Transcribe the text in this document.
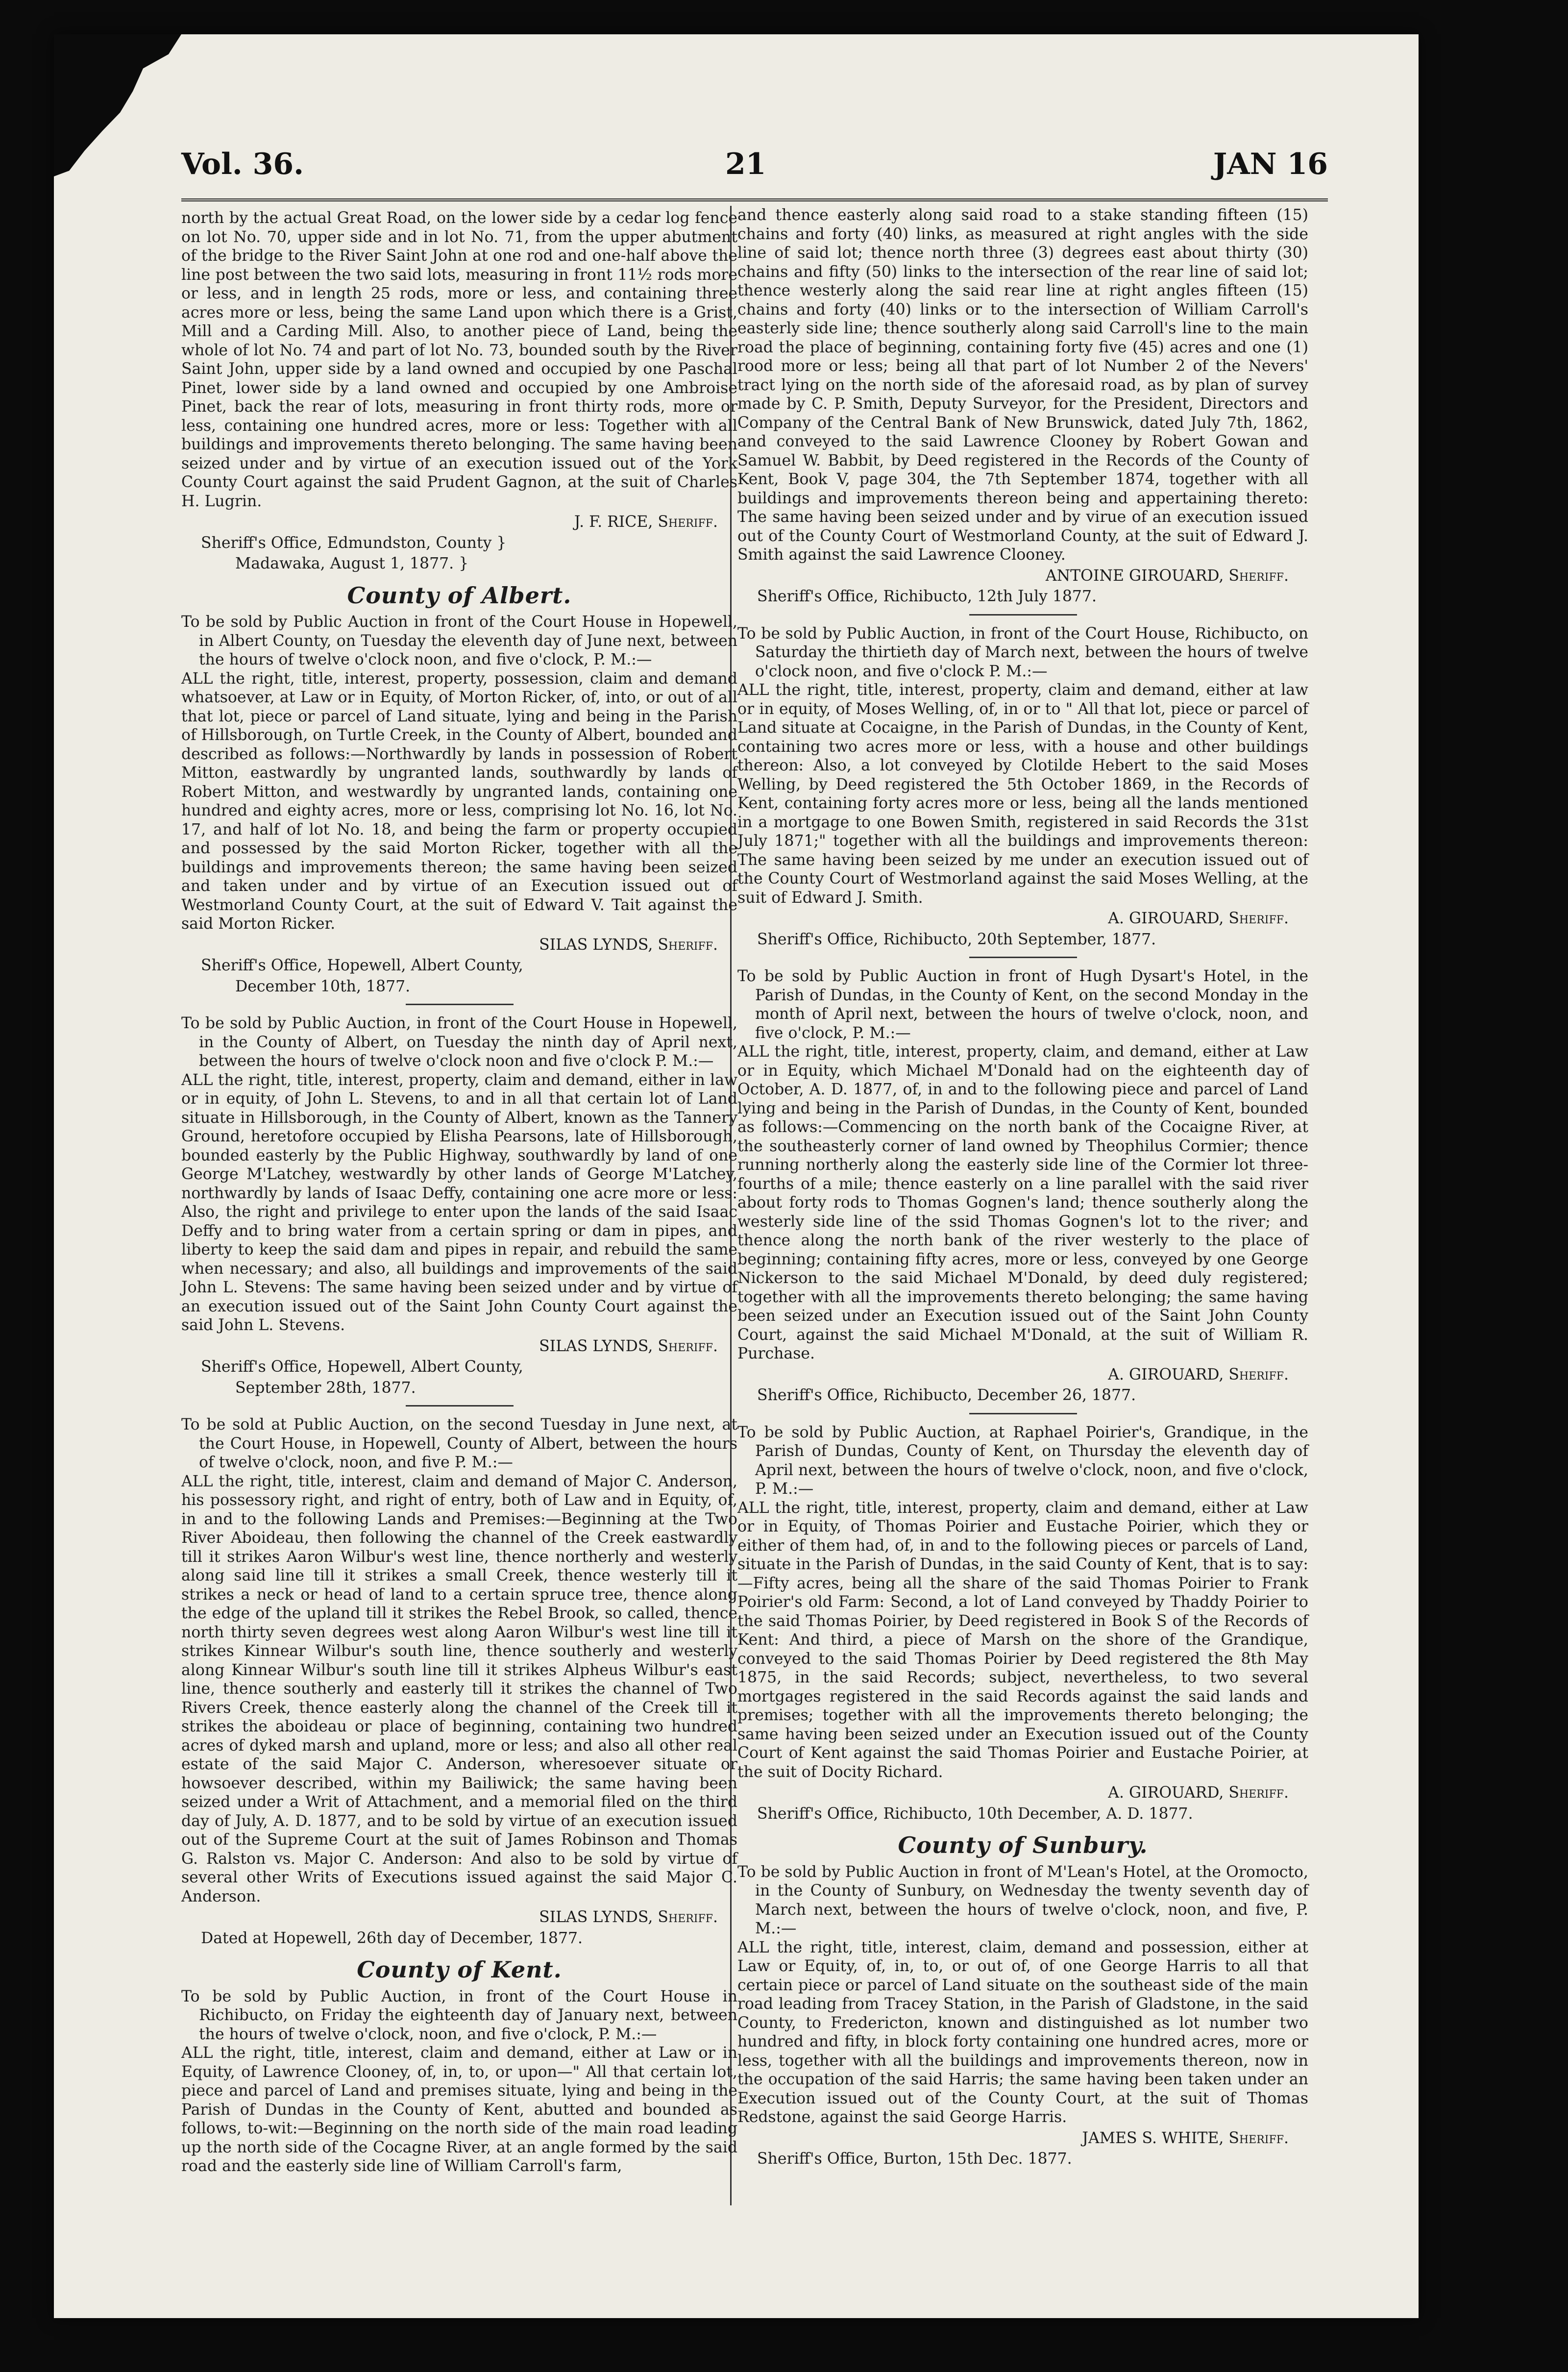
Vol. 36.	21	JAN 16

north by the actual Great Road, on the lower side by a cedar log fence on lot No. 70, upper side and in lot No. 71, from the upper abutment of the bridge to the River Saint John at one rod and one-half above the line post between the two said lots, measuring in front 11½ rods more or less, and in length 25 rods, more or less, and containing three acres more or less, being the same Land upon which there is a Grist, Mill and a Carding Mill. Also, to another piece of Land, being the whole of lot No. 74 and part of lot No. 73, bounded south by the River Saint John, upper side by a land owned and occupied by one Paschal Pinet, lower side by a land owned and occupied by one Ambroise Pinet, back the rear of lots, measuring in front thirty rods, more or less, containing one hundred acres, more or less: Together with all buildings and improvements thereto belonging. The same having been seized under and by virtue of an execution issued out of the York County Court against the said Prudent Gagnon, at the suit of Charles H. Lugrin.

J. F. RICE, Sheriff.

Sheriff's Office, Edmundston, County }

Madawaka, August 1, 1877. }

County of Albert.

To be sold by Public Auction in front of the Court House in Hopewell, in Albert County, on Tuesday the eleventh day of June next, between the hours of twelve o'clock noon, and five o'clock, P. M.:—

ALL the right, title, interest, property, possession, claim and demand whatsoever, at Law or in Equity, of Morton Ricker, of, into, or out of all that lot, piece or parcel of Land situate, lying and being in the Parish of Hillsborough, on Turtle Creek, in the County of Albert, bounded and described as follows:—Northwardly by lands in possession of Robert Mitton, eastwardly by ungranted lands, southwardly by lands of Robert Mitton, and westwardly by ungranted lands, containing one hundred and eighty acres, more or less, comprising lot No. 16, lot No. 17, and half of lot No. 18, and being the farm or property occupied and possessed by the said Morton Ricker, together with all the buildings and improvements thereon; the same having been seized and taken under and by virtue of an Execution issued out of Westmorland County Court, at the suit of Edward V. Tait against the said Morton Ricker.

SILAS LYNDS, Sheriff.

Sheriff's Office, Hopewell, Albert County,

December 10th, 1877.

To be sold by Public Auction, in front of the Court House in Hopewell, in the County of Albert, on Tuesday the ninth day of April next, between the hours of twelve o'clock noon and five o'clock P. M.:—

ALL the right, title, interest, property, claim and demand, either in law or in equity, of John L. Stevens, to and in all that certain lot of Land situate in Hillsborough, in the County of Albert, known as the Tannery Ground, heretofore occupied by Elisha Pearsons, late of Hillsborough, bounded easterly by the Public Highway, southwardly by land of one George M'Latchey, westwardly by other lands of George M'Latchey, northwardly by lands of Isaac Deffy, containing one acre more or less: Also, the right and privilege to enter upon the lands of the said Isaac Deffy and to bring water from a certain spring or dam in pipes, and liberty to keep the said dam and pipes in repair, and rebuild the same when necessary; and also, all buildings and improvements of the said John L. Stevens: The same having been seized under and by virtue of an execution issued out of the Saint John County Court against the said John L. Stevens.

SILAS LYNDS, Sheriff.

Sheriff's Office, Hopewell, Albert County,

September 28th, 1877.

To be sold at Public Auction, on the second Tuesday in June next, at the Court House, in Hopewell, County of Albert, between the hours of twelve o'clock, noon, and five P. M.:—

ALL the right, title, interest, claim and demand of Major C. Anderson, his possessory right, and right of entry, both of Law and in Equity, of, in and to the following Lands and Premises:—Beginning at the Two River Aboideau, then following the channel of the Creek eastwardly till it strikes Aaron Wilbur's west line, thence northerly and westerly along said line till it strikes a small Creek, thence westerly till it strikes a neck or head of land to a certain spruce tree, thence along the edge of the upland till it strikes the Rebel Brook, so called, thence north thirty seven degrees west along Aaron Wilbur's west line till it strikes Kinnear Wilbur's south line, thence southerly and westerly along Kinnear Wilbur's south line till it strikes Alpheus Wilbur's east line, thence southerly and easterly till it strikes the channel of Two Rivers Creek, thence easterly along the channel of the Creek till it strikes the aboideau or place of beginning, containing two hundred acres of dyked marsh and upland, more or less; and also all other real estate of the said Major C. Anderson, wheresoever situate or howsoever described, within my Bailiwick; the same having been seized under a Writ of Attachment, and a memorial filed on the third day of July, A. D. 1877, and to be sold by virtue of an execution issued out of the Supreme Court at the suit of James Robinson and Thomas G. Ralston vs. Major C. Anderson: And also to be sold by virtue of several other Writs of Executions issued against the said Major C. Anderson.

SILAS LYNDS, Sheriff.

Dated at Hopewell, 26th day of December, 1877.

County of Kent.

To be sold by Public Auction, in front of the Court House in Richibucto, on Friday the eighteenth day of January next, between the hours of twelve o'clock, noon, and five o'clock, P. M.:—

ALL the right, title, interest, claim and demand, either at Law or in Equity, of Lawrence Clooney, of, in, to, or upon—" All that certain lot, piece and parcel of Land and premises situate, lying and being in the Parish of Dundas in the County of Kent, abutted and bounded as follows, to-wit:—Beginning on the north side of the main road leading up the north side of the Cocagne River, at an angle formed by the said road and the easterly side line of William Carroll's farm,

and thence easterly along said road to a stake standing fifteen (15) chains and forty (40) links, as measured at right angles with the side line of said lot; thence north three (3) degrees east about thirty (30) chains and fifty (50) links to the intersection of the rear line of said lot; thence westerly along the said rear line at right angles fifteen (15) chains and forty (40) links or to the intersection of William Carroll's easterly side line; thence southerly along said Carroll's line to the main road the place of beginning, containing forty five (45) acres and one (1) rood more or less; being all that part of lot Number 2 of the Nevers' tract lying on the north side of the aforesaid road, as by plan of survey made by C. P. Smith, Deputy Surveyor, for the President, Directors and Company of the Central Bank of New Brunswick, dated July 7th, 1862, and conveyed to the said Lawrence Clooney by Robert Gowan and Samuel W. Babbit, by Deed registered in the Records of the County of Kent, Book V, page 304, the 7th September 1874, together with all buildings and improvements thereon being and appertaining thereto: The same having been seized under and by virue of an execution issued out of the County Court of Westmorland County, at the suit of Edward J. Smith against the said Lawrence Clooney.

ANTOINE GIROUARD, Sheriff.

Sheriff's Office, Richibucto, 12th July 1877.

To be sold by Public Auction, in front of the Court House, Richibucto, on Saturday the thirtieth day of March next, between the hours of twelve o'clock noon, and five o'clock P. M.:—

ALL the right, title, interest, property, claim and demand, either at law or in equity, of Moses Welling, of, in or to " All that lot, piece or parcel of Land situate at Cocaigne, in the Parish of Dundas, in the County of Kent, containing two acres more or less, with a house and other buildings thereon: Also, a lot conveyed by Clotilde Hebert to the said Moses Welling, by Deed registered the 5th October 1869, in the Records of Kent, containing forty acres more or less, being all the lands mentioned in a mortgage to one Bowen Smith, registered in said Records the 31st July 1871;" together with all the buildings and improvements thereon: The same having been seized by me under an execution issued out of the County Court of Westmorland against the said Moses Welling, at the suit of Edward J. Smith.

A. GIROUARD, Sheriff.

Sheriff's Office, Richibucto, 20th September, 1877.

To be sold by Public Auction in front of Hugh Dysart's Hotel, in the Parish of Dundas, in the County of Kent, on the second Monday in the month of April next, between the hours of twelve o'clock, noon, and five o'clock, P. M.:—

ALL the right, title, interest, property, claim, and demand, either at Law or in Equity, which Michael M'Donald had on the eighteenth day of October, A. D. 1877, of, in and to the following piece and parcel of Land lying and being in the Parish of Dundas, in the County of Kent, bounded as follows:—Commencing on the north bank of the Cocaigne River, at the southeasterly corner of land owned by Theophilus Cormier; thence running northerly along the easterly side line of the Cormier lot three-fourths of a mile; thence easterly on a line parallel with the said river about forty rods to Thomas Gognen's land; thence southerly along the westerly side line of the ssid Thomas Gognen's lot to the river; and thence along the north bank of the river westerly to the place of beginning; containing fifty acres, more or less, conveyed by one George Nickerson to the said Michael M'Donald, by deed duly registered; together with all the improvements thereto belonging; the same having been seized under an Execution issued out of the Saint John County Court, against the said Michael M'Donald, at the suit of William R. Purchase.

A. GIROUARD, Sheriff.

Sheriff's Office, Richibucto, December 26, 1877.

To be sold by Public Auction, at Raphael Poirier's, Grandique, in the Parish of Dundas, County of Kent, on Thursday the eleventh day of April next, between the hours of twelve o'clock, noon, and five o'clock, P. M.:—

ALL the right, title, interest, property, claim and demand, either at Law or in Equity, of Thomas Poirier and Eustache Poirier, which they or either of them had, of, in and to the following pieces or parcels of Land, situate in the Parish of Dundas, in the said County of Kent, that is to say:—Fifty acres, being all the share of the said Thomas Poirier to Frank Poirier's old Farm: Second, a lot of Land conveyed by Thaddy Poirier to the said Thomas Poirier, by Deed registered in Book S of the Records of Kent: And third, a piece of Marsh on the shore of the Grandique, conveyed to the said Thomas Poirier by Deed registered the 8th May 1875, in the said Records; subject, nevertheless, to two several mortgages registered in the said Records against the said lands and premises; together with all the improvements thereto belonging; the same having been seized under an Execution issued out of the County Court of Kent against the said Thomas Poirier and Eustache Poirier, at the suit of Docity Richard.

A. GIROUARD, Sheriff.

Sheriff's Office, Richibucto, 10th December, A. D. 1877.

County of Sunbury.

To be sold by Public Auction in front of M'Lean's Hotel, at the Oromocto, in the County of Sunbury, on Wednesday the twenty seventh day of March next, between the hours of twelve o'clock, noon, and five, P. M.:—

ALL the right, title, interest, claim, demand and possession, either at Law or Equity, of, in, to, or out of, of one George Harris to all that certain piece or parcel of Land situate on the southeast side of the main road leading from Tracey Station, in the Parish of Gladstone, in the said County, to Fredericton, known and distinguished as lot number two hundred and fifty, in block forty containing one hundred acres, more or less, together with all the buildings and improvements thereon, now in the occupation of the said Harris; the same having been taken under an Execution issued out of the County Court, at the suit of Thomas Redstone, against the said George Harris.

JAMES S. WHITE, Sheriff.

Sheriff's Office, Burton, 15th Dec. 1877.
